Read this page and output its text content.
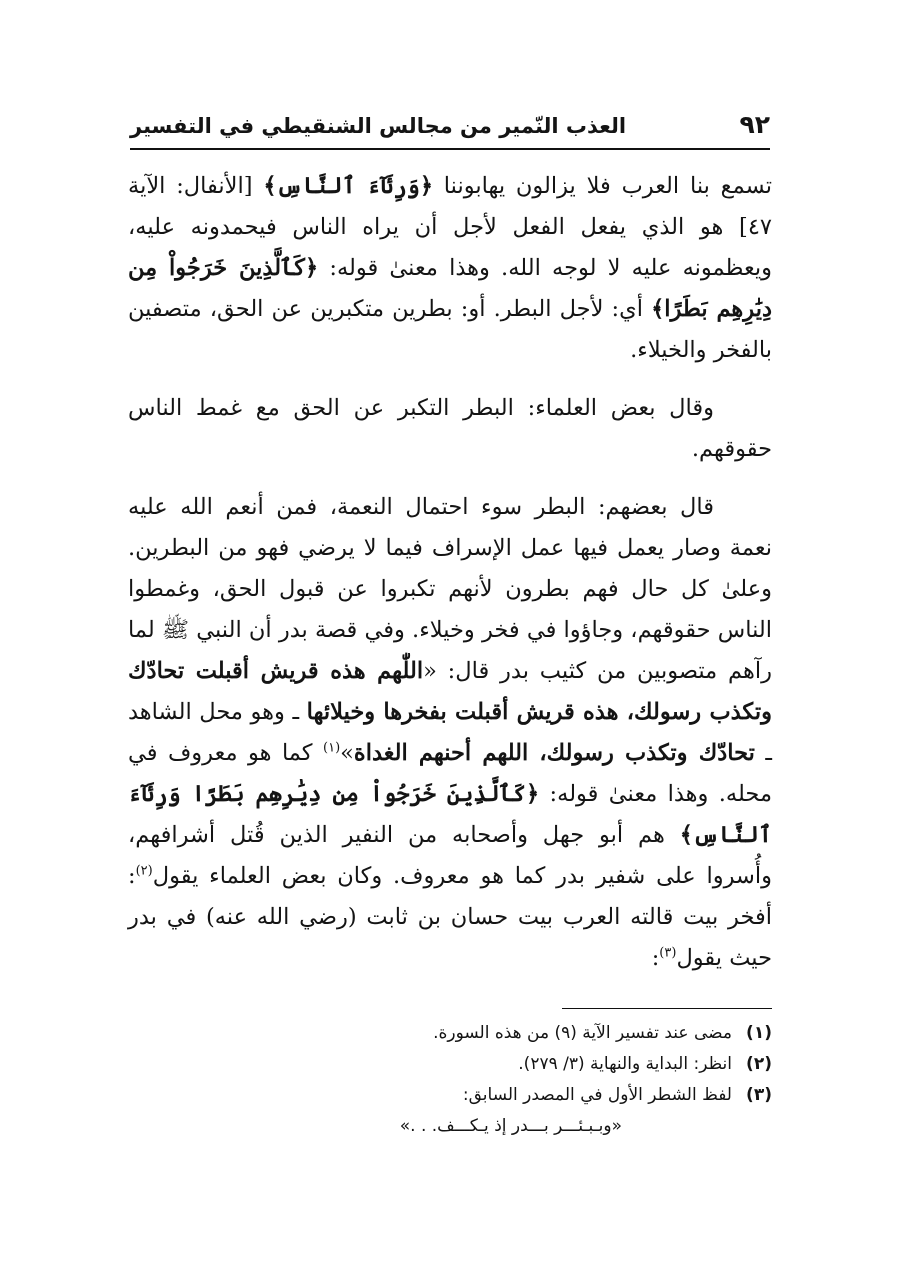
٩٢
العذب النّمير من مجالس الشنقيطي في التفسير

تسمع بنا العرب فلا يزالون يهابوننا ﴿وَرِئَآءَ ٱلنَّاسِ﴾ [الأنفال: الآية ٤٧] هو الذي يفعل الفعل لأجل أن يراه الناس فيحمدونه عليه، ويعظمونه عليه لا لوجه الله. وهذا معنىٰ قوله: ﴿كَٱلَّذِينَ خَرَجُواْ مِن دِيَٰرِهِم بَطَرًا﴾ أي: لأجل البطر. أو: بطرين متكبرين عن الحق، متصفين بالفخر والخيلاء.

وقال بعض العلماء: البطر التكبر عن الحق مع غمط الناس حقوقهم.

قال بعضهم: البطر سوء احتمال النعمة، فمن أنعم الله عليه نعمة وصار يعمل فيها عمل الإسراف فيما لا يرضي فهو من البطرين. وعلىٰ كل حال فهم بطرون لأنهم تكبروا عن قبول الحق، وغمطوا الناس حقوقهم، وجاؤوا في فخر وخيلاء. وفي قصة بدر أن النبي ﷺ لما رآهم متصوبين من كثيب بدر قال: «اللّٰهم هذه قريش أقبلت تحادّك وتكذب رسولك، هذه قريش أقبلت بفخرها وخيلائها ـ وهو محل الشاهد ـ تحادّك وتكذب رسولك، اللهم أحنهم الغداة»$^{(١)}$ كما هو معروف في محله. وهذا معنىٰ قوله: ﴿كَٱلَّذِينَ خَرَجُواْ مِن دِيَٰرِهِم بَطَرًا وَرِئَآءَ ٱلنَّاسِ﴾ هم أبو جهل وأصحابه من النفير الذين قُتل أشرافهم، وأُسروا على شفير بدر كما هو معروف. وكان بعض العلماء يقول$^{(٢)}$: أفخر بيت قالته العرب بيت حسان بن ثابت (رضي الله عنه) في بدر حيث يقول$^{(٣)}$:

(١)مضى عند تفسير الآية (٩) من هذه السورة.
(٢)انظر: البداية والنهاية (٣/ ٢٧٩).
(٣)لفظ الشطر الأول في المصدر السابق:
«وبـبـئـــر بـــدر إذ يـكـــف. . .»
